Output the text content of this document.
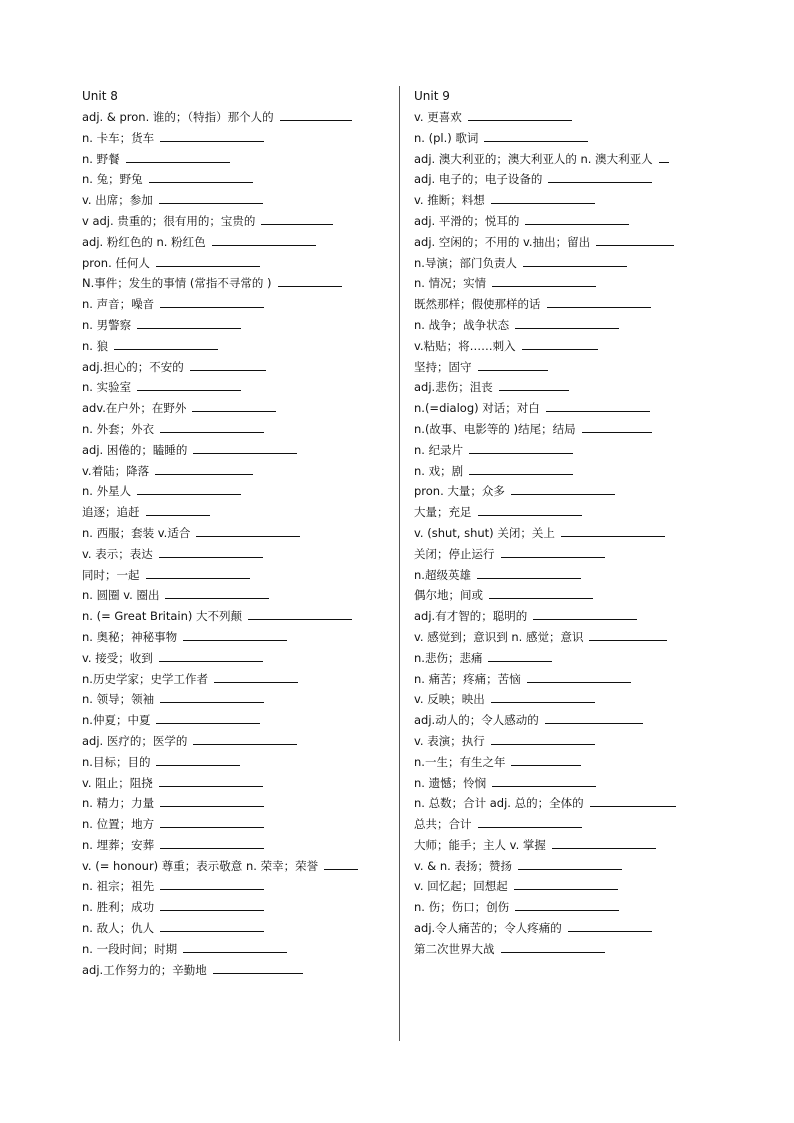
Unit 8
adj. & pron. 谁的；（特指）那个人的
n. 卡车；货车
n. 野餐
n. 兔；野兔
v. 出席；参加
v adj. 贵重的；很有用的；宝贵的
adj. 粉红色的 n. 粉红色
pron. 任何人
N.事件；发生的事情 (常指不寻常的 )
n. 声音；噪音
n. 男警察
n. 狼
adj.担心的；不安的
n. 实验室
adv.在户外；在野外
n. 外套；外衣
adj. 困倦的；瞌睡的
v.着陆；降落
n. 外星人
追逐；追赶
n. 西服；套装 v.适合
v. 表示；表达
同时；一起
n. 圆圈 v. 圈出
n. (= Great Britain) 大不列颠
n. 奥秘；神秘事物
v. 接受；收到
n.历史学家；史学工作者
n. 领导；领袖
n.仲夏；中夏
adj. 医疗的；医学的
n.目标；目的
v. 阻止；阻挠
n. 精力；力量
n. 位置；地方
n. 埋葬；安葬
v. (= honour) 尊重；表示敬意 n. 荣幸；荣誉
n. 祖宗；祖先
n. 胜利；成功
n. 敌人；仇人
n. 一段时间；时期
adj.工作努力的；辛勤地
Unit 9
v. 更喜欢
n. (pl.) 歌词
adj. 澳大利亚的；澳大利亚人的 n. 澳大利亚人
adj. 电子的；电子设备的
v. 推断；料想
adj. 平滑的；悦耳的
adj. 空闲的；不用的 v.抽出；留出
n.导演；部门负责人
n. 情况；实情
既然那样；假使那样的话
n. 战争；战争状态
v.粘贴；将……刺入
坚持；固守
adj.悲伤；沮丧
n.(=dialog) 对话；对白
n.(故事、电影等的 )结尾；结局
n. 纪录片
n. 戏；剧
pron. 大量；众多
大量；充足
v. (shut, shut) 关闭；关上
关闭；停止运行
n.超级英雄
偶尔地；间或
adj.有才智的；聪明的
v. 感觉到；意识到 n. 感觉；意识
n.悲伤；悲痛
n. 痛苦；疼痛；苦恼
v. 反映；映出
adj.动人的；令人感动的
v. 表演；执行
n.一生；有生之年
n. 遗憾；怜悯
n. 总数；合计 adj. 总的；全体的
总共；合计
大师；能手；主人 v. 掌握
v. & n. 表扬；赞扬
v. 回忆起；回想起
n. 伤；伤口；创伤
adj.令人痛苦的；令人疼痛的
第二次世界大战
